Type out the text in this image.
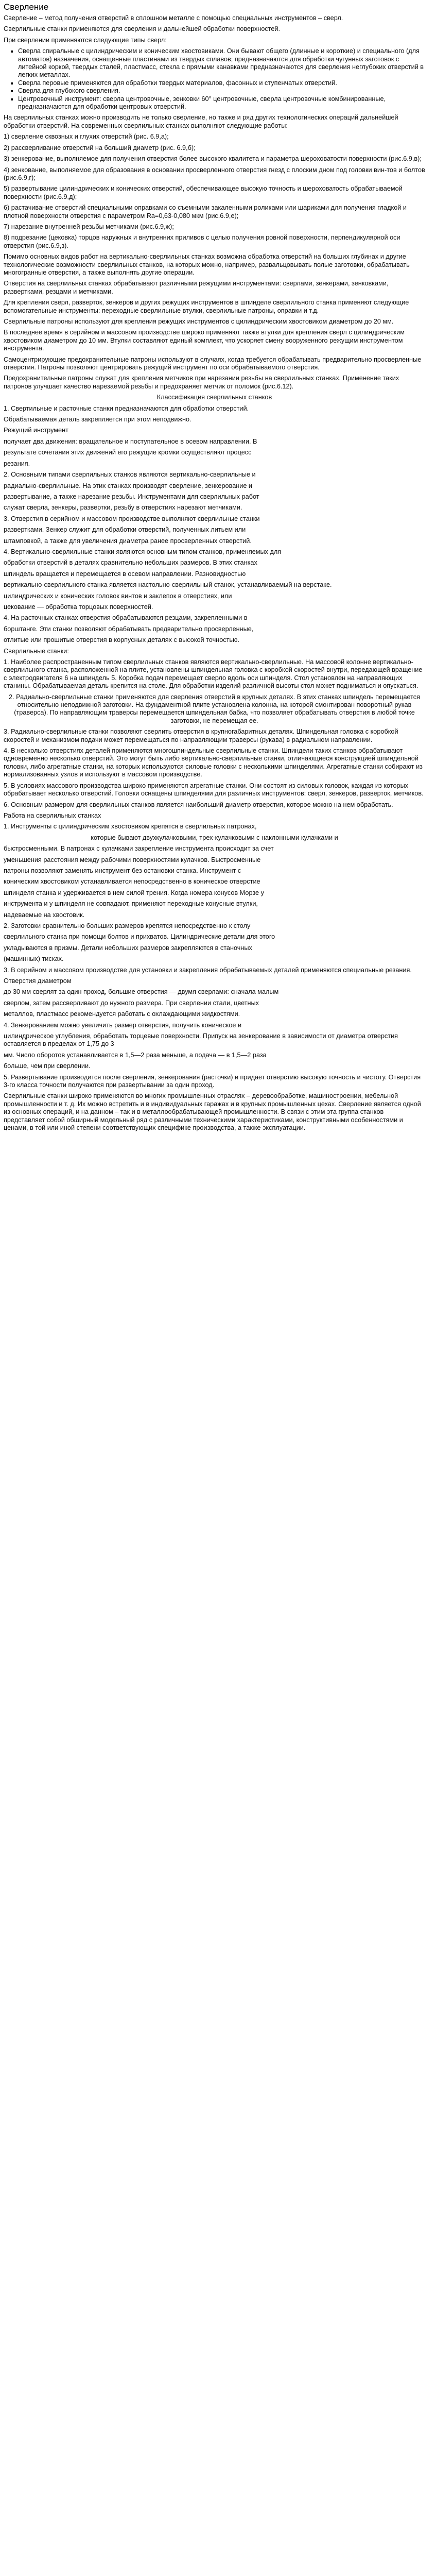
Сверление

Сверление – метод получения отверстий в сплошном металле с помощью специальных инструментов – сверл.

Сверлильные станки применяются для сверления и дальнейшей обработки поверхностей.

При сверлении применяются следующие типы сверл:

▪ Сверла спиральные с цилиндрическим и коническим хвостовиками. Они бывают общего (длинные и короткие) и специального (для автоматов) назначения, оснащенные пластинами из твердых сплавов; предназначаются для обработки чугунных заготовок с литейной коркой, твердых сталей, пластмасс, стекла с прямыми канавками предназначаются для сверления неглубоких отверстий в легких металлах.
▪ Сверла перовые применяются для обработки твердых материалов, фасонных и ступенчатых отверстий.
▪ Сверла для глубокого сверления.
▪ Центровочный инструмент: сверла центровочные, зенковки 60° центровочные, сверла центровочные комбинированные, предназначаются для обработки центровых отверстий.

На сверлильных станках можно производить не только сверление, но также и ряд других технологических операций дальнейшей обработки отверстий. На современных сверлильных станках выполняют следующие работы:

1) сверление сквозных и глухих отверстий (рис. 6.9,а);

2) рассверливание отверстий на больший диаметр (рис. 6.9,б);

3) зенкерование, выполняемое для получения отверстия более высокого квалитета и параметра шероховатости поверхности (рис.6.9,в);

4) зенкование, выполняемое для образования в основании просверленного отверстия гнезд с плоским дном под головки вин-тов и болтов (рис.6.9,г);

5) развертывание цилиндрических и конических отверстий, обеспечивающее высокую точность и шероховатость обрабатываемой поверхности (рис.6.9,д);

6) растачивание отверстий специальными оправками со съемными закаленными роликами или шариками для получения гладкой и плотной поверхности отверстия с параметром Ra=0,63-0,080 мкм (рис.6.9,е);

7) нарезание внутренней резьбы метчиками (рис.6.9,ж);

8) подрезание (цековка) торцов наружных и внутренних приливов с целью получения ровной поверхности, перпендикулярной оси отверстия (рис.6.9,з).

Помимо основных видов работ на вертикально-сверлильных станках возможна обработка отверстий на больших глубинах и другие технологические возможности сверлильных станков, на которых можно, например, развальцовывать полые заготовки, обрабатывать многогранные отверстия, а также выполнять другие операции.

Отверстия на сверлильных станках обрабатывают различными режущими инструментами: сверлами, зенкерами, зенковками, развертками, резцами и метчиками.

Для крепления сверл, разверток, зенкеров и других режущих инструментов в шпинделе сверлильного станка применяют следующие вспомогательные инструменты: переходные сверлильные втулки, сверлильные патроны, оправки и т.д.

Сверлильные патроны используют для крепления режущих инструментов с цилиндрическим хвостовиком диаметром до 20 мм.

В последнее время в серийном и массовом производстве широко применяют также втулки для крепления сверл с цилиндрическим хвостовиком диаметром до 10 мм. Втулки составляют единый комплект, что ускоряет смену вооруженного режущим инструментом инструмента.

Самоцентрирующие предохранительные патроны используют в случаях, когда требуется обрабатывать предварительно просверленные отверстия. Патроны позволяют центрировать режущий инструмент по оси обрабатываемого отверстия.

Предохранительные патроны служат для крепления метчиков при нарезании резьбы на сверлильных станках. Применение таких патронов улучшает качество нарезаемой резьбы и предохраняет метчик от поломок (рис.6.12).

Классификация сверлильных станков

1. Свертильные и расточные станки предназначаются для обработки отверстий.

Обрабатываемая деталь закрепляется при этом неподвижно.

Режущий инструмент

получает два движения: вращательное и поступательное в осевом направлении. В

результате сочетания этих движений его режущие кромки осуществляют процесс

резания.

2. Основными типами сверлильных станков являются вертикально-сверлильные и

радиально-сверлильные. На этих станках производят сверление, зенкерование и

развертывание, а также нарезание резьбы. Инструментами для сверлильных работ

служат сверла, зенкеры, развертки, резьбу в отверстиях нарезают метчиками.

3. Отверстия в серийном и массовом производстве выполняют сверлильные станки

развертками. Зенкер служит для обработки отверстий, полученных литьем или

штамповкой, а также для увеличения диаметра ранее просверленных отверстий.

4. Вертикально-сверлильные станки являются основным типом станков, применяемых для

обработки отверстий в деталях сравнительно небольших размеров. В этих станках

шпиндель вращается и перемещается в осевом направлении. Разновидностью

вертикально-сверлильного станка является настольно-сверлильный станок, устанавливаемый на верстаке.

цилиндрических и конических головок винтов и заклепок в отверстиях, или

цекование — обработка торцовых поверхностей.

4. На расточных станках отверстия обрабатываются резцами, закрепленными в

борштанге. Эти станки позволяют обрабатывать предварительно просверленные,

отлитые или прошитые отверстия в корпусных деталях с высокой точностью.

Сверлильные станки:

1. Наиболее распространенным типом сверлильных станков являются вертикально-сверлильные. На массовой колонне вертикально-сверлильного станка, расположенной на плите, установлены шпиндельная головка с коробкой скоростей внутри, передающей вращение с электродвигателя 6 на шпиндель 5. Коробка подач перемещает сверло вдоль оси шпинделя. Стол установлен на направляющих станины. Обрабатываемая деталь крепится на столе. Для обработки изделий различной высоты стол может подниматься и опускаться.

2. Радиально-сверлильные станки применяются для сверления отверстий в крупных деталях. В этих станках шпиндель перемещается относительно неподвижной заготовки. На фундаментной плите установлена колонна, на которой смонтирован поворотный рукав (траверса). По направляющим траверсы перемещается шпиндельная бабка, что позволяет обрабатывать отверстия в любой точке заготовки, не перемещая ее.

3. Радиально-сверлильные станки позволяют сверлить отверстия в крупногабаритных деталях. Шпиндельная головка с коробкой скоростей и механизмом подачи может перемещаться по направляющим траверсы (рукава) в радиальном направлении.

4. В несколько отверстиях деталей применяются многошпиндельные сверлильные станки. Шпиндели таких станков обрабатывают одновременно несколько отверстий. Это могут быть либо вертикально-сверлильные станки, отличающиеся конструкцией шпиндельной головки, либо агрегатные станки, на которых используются силовые головки с несколькими шпинделями. Агрегатные станки собирают из нормализованных узлов и используют в массовом производстве.

5. В условиях массового производства широко применяются агрегатные станки. Они состоят из силовых головок, каждая из которых обрабатывает несколько отверстий. Головки оснащены шпинделями для различных инструментов: сверл, зенкеров, разверток, метчиков.

6. Основным размером для сверлильных станков является наибольший диаметр отверстия, которое можно на нем обработать.

Работа на сверлильных станках

1. Инструменты с цилиндрическим хвостовиком крепятся в сверлильных патронах,

которые бывают двухкулачковыми, трех-кулачковыми с наклонными кулачками и

быстросменными. В патронах с кулачками закрепление инструмента происходит за счет

уменьшения расстояния между рабочими поверхностями кулачков. Быстросменные

патроны позволяют заменять инструмент без остановки станка. Инструмент с

коническим хвостовиком устанавливается непосредственно в коническое отверстие

шпинделя станка и удерживается в нем силой трения. Когда номера конусов Морзе у

инструмента и у шпинделя не совпадают, применяют переходные конусные втулки,

надеваемые на хвостовик.

2. Заготовки сравнительно больших размеров крепятся непосредственно к столу

сверлильного станка при помощи болтов и прихватов. Цилиндрические детали для этого

укладываются в призмы. Детали небольших размеров закрепляются в станочных

(машинных) тисках.

3. В серийном и массовом производстве для установки и закрепления обрабатываемых деталей применяются специальные резания.

Отверстия диаметром

до 30 мм сверлят за один проход, большие отверстия — двумя сверлами: сначала малым

сверлом, затем рассверливают до нужного размера. При сверлении стали, цветных

металлов, пластмасс рекомендуется работать с охлаждающими жидкостями.

4. Зенкерованием можно увеличить размер отверстия, получить коническое и

цилиндрическое углубления, обработать торцевые поверхности. Припуск на зенкерование в зависимости от диаметра отверстия оставляется в пределах от 1,75 до 3

мм. Число оборотов устанавливается в 1,5—2 раза меньше, а подача — в 1,5—2 раза

больше, чем при сверлении.

5. Развертывание производится после сверления, зенкерования (расточки) и придает отверстию высокую точность и чистоту. Отверстия 3-го класса точности получаются при развертывании за один проход.

Сверлильные станки широко применяются во многих промышленных отраслях – деревообработке, машиностроении, мебельной промышленности и т. д. Их можно встретить и в индивидуальных гаражах и в крупных промышленных цехах. Сверление является одной из основных операций, и на данном – так и в металлообрабатывающей промышленности. В связи с этим эта группа станков представляет собой обширный модельный ряд с различными техническими характеристиками, конструктивными особенностями и ценами, в той или иной степени соответствующих специфике производства, а также эксплуатации.
